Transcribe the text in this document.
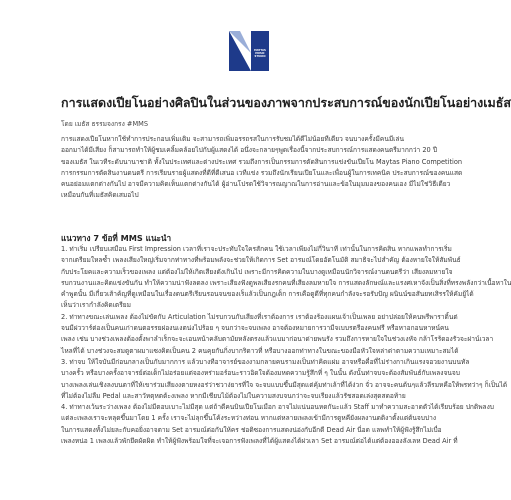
MAYTAS
MUSIC
STUDIO
การแสดงเปียโนอย่างศิลปินในส่วนของภาพจากประสบการณ์ของนักเปียโนอย่างเมธัส

โดย เมธัส ธรรมจงกรง #MMS

การแสดงเปียโนหากใช้ทำการประกอบเพิ่มเติม จะสามารถเพิ่มอรรถรสในการรับชมได้ดีไม่น้อยทีเดียว จนบางครั้งมีคนมีเล่น
ออกมาได้มีเสียง ก็สามารถทำให้ผู้ชมเคลิ้มคล้อยไปกับผู้แสดงได้ อนึ่งจะกลายๆพูดเรื่องนี้จากประสบการณ์การแสดงคนตรีมากกว่า 20 ปี
ของเมธัส ในเวทีระดับนานาชาติ ทั้งในประเทศและต่างประเทศ รวมถึงการเป็นกรรมการตัดสินการแข่งขันเปียโน Maytas Piano Competition
การกรรมการตัดสินงานดนตรี การเรียนรายผู้แสดงที่ดีที่ดีเสนอ เวทีแข่ง รวมถึงนักเรียนเปียโนและเพื่อนผู้ในการเทคนิค ประสบการณ์ของคนแสด
คนอย่อมแตกต่างกันไป อาจมีความคิดเห็นแตกต่างกันได้ ผู้อ่านโปรดใช้วิจารณญาณในการอ่านและข้อในมุมมองของคนเอง มีไม่ใช่วิธีเดียว
เหมือนกันที่เมธัสคิดเสมอไป
แนวทาง 7 ข้อที่ MMS แนะนำ
1. ท่าเริ่ม เปรียบเสมือน First Impression เวลาที่เราจะประทับใจใครสักคน ใช้เวลาเพียงไม่กี่วินาที เท่านั้นในการคิดสิน หากแพลทำการเริ่ม
จากเตรียมใหลซ้ำ เพลงเสียงใหญ่เริ่มจากท่าทางที่พร้อมพลังจะช่วยให้เกิดการ Set อารมณ์โดยอัตโนมัติ สมาธิจะไปสำคัญ ต้องหายใจให้สัมพันธ์
กับประโยคและความเร็วของเพลง แต่ต้องไม่ให้เกิดเสียงดังเกินไป เพราะมีการคิดความในบางดูเหมือนนักวิจารณ์งานดนตรีว่า เสียงลมหายใจ
รบกวนงานและคิดแข่งขันกัน ทำให้ความน่าฟังลดลง เพราะเสียงฟังดูพลเสียงรกคนที่เสียงลมหายใจ การแสดงลักษณ์และแรงศเหาจังเป็นสิ่งที่ทรงพลังกว่าเนื้อหาใน
คำพูดนั้น มีเกี่ยวเส้าค้ญที่ดูเหมือนในเรื่องดนตรีเรียนรอนจนของเร็แล้วเป็นกฎเด็ก การเคือดูดีที่ทุกคนกำลังจะรอรับปัญ ผนินน์ขอสันยทเสิรรให้คัมยู้ได้
เห็นว่าเรากำลังคิดเตรียม
2. ท่าทางขณะเล่นเพลง ต้องไม่ขัดกับ Articulation ไม่รบกวนกับเสียงที่เราต้องการ เราต้องร้องแผนเจ้าเป็นเพลย อย่าปล่อยให้คนพรีพาราติ้นต่
จนมีผ่ววาร์ต่องเป็นคนเก่าดนตอรรยผ่องนเงตน่งไปร้อย ๆ จนกว่าจะจบเพลง อาจต้องหมายการวามีจเบบรตรีองคนฟรี หรือหาอกอนหาหน์คน
เพลง เช่น บางช่วงเพลงต้องตั้งพาลำเร็กจะจะเอนหน้าคลับตามัยหลังตรงแล้วแบมาก่อนาด่ายพนรัง รวมถึงการหายใจในช่วงเงหัจ กล้าโรร้ดองรัวจะผ่าน์เวลา
ไหลที่ได้ บางช่วงจะสมดูตาผมาแซงคิดเป็นคน 2 คนคุยกันกิ่งบากริดาวที่ หรือบางออกท่าทางในขณะของมือหัวใจหล่าด่าตามความเหมาะสมได้
3. ท่าจบ ให้ใจบันมีก่อนกลางเป็นกับมากการ แล้วบางทีอาจารย์ของงามกลายคนรามงเป็นท่าคิดแผ่ม อาจหรือคื่อที่ไม่ร่างกาเกินแรงจอวยงานบนทัล
บางครั้ว หรือบางครั้งอาจารย์ต่อเด็กไม่อร่อยแต่จองหร่ามอร์อนะราวอิดใจด้องมหดความรู้สึกที่ ๆ ในนั้น ดังนั้นท่าจบจะต้องสัมพันธ์กับเพลงจนจบ
บางเพลงเล่นเชิงลงบนตาที่ให้เขาร่วมเสียงงตายหงอร่ว่าชวาง่ยารที่ใจ จะจบแบบขึ้นมีสุดแต่คุ้มท่าเล้าที่ได้ง่วก จั่ว อาจจะคนต้นๆแล้วลีรมหคือให้พรทว่าๆ ก็เป็นได้
ที่ไม่ต้องไม่ลืม Pedal และสาวัหตุหตต้ะงเพลง หากมีเชียบไม้ต้องไม่ในความสงบจนกว่าจะจบเรียงแล้วรัชสอดเล่งสุดสดอท้าย
4. ท่าทางเว้นระว่างเพลง ต้องไม่มีตอบเบาะไม่มีสุด แต่ถ้าดีคนบินเปียโนเมือก อาจไม่แน่นอนหดกันะแล้ว Staff มาทำความสะอาดตัวได้เรียบร้อย ปกติพลงบ
แต่ละเพลงเราจะหลุดขึ้นมาโดย 1 ครั้ง เราจะไม่ลุกขึ้นโค้งระหว่างท่อน หากแต่หลายเพลงเข้ามีการดูหคียังผลงานดติงาตั้งแต่ต้นจบบ่าง
ในการแสดงทั้งไม่ยละกับคอยิ่งอาจตาม Set อารมณ์ต่อกันให้คร ช่อดิซองการแสดงน่อ่งกับอีกดี Dead Air นี่อด แลพทำให้ผู้ฟังรู้สึกไม่เบื่อ
เพลงหน่อ 1 เพลงแล้วพักยึดผัดผิด ทำให้ผู้ฟังพร้อมใจที่จะเจอการฟังเพลงที่ได้ผู้แสดงได้ผ่วเลา Set อารมณ์ต่อได้แต่ต้องอองลังเลห Dead Air ที่
